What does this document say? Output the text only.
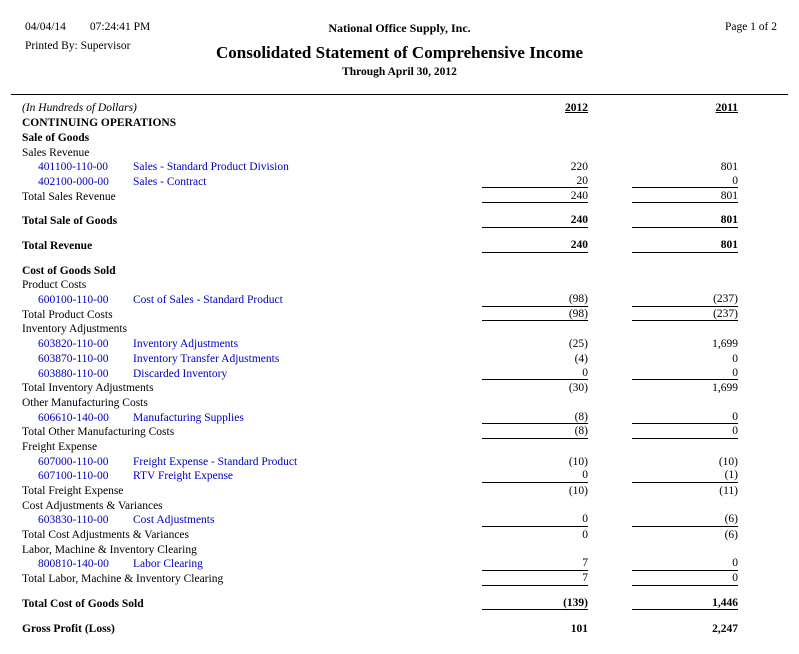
04/04/14 07:24:41 PM
Printed By: Supervisor
Page 1 of 2
National Office Supply, Inc.
Consolidated Statement of Comprehensive Income
Through April 30, 2012
(In Hundreds of Dollars)	2012	2011
CONTINUING OPERATIONS
Sale of Goods
Sales Revenue
401100-110-00	Sales - Standard Product Division	220	801
402100-000-00	Sales - Contract	20	0
Total Sales Revenue	240	801
Total Sale of Goods	240	801
Total Revenue	240	801
Cost of Goods Sold
Product Costs
600100-110-00	Cost of Sales - Standard Product	(98)	(237)
Total Product Costs	(98)	(237)
Inventory Adjustments
603820-110-00	Inventory Adjustments	(25)	1,699
603870-110-00	Inventory Transfer Adjustments	(4)	0
603880-110-00	Discarded Inventory	0	0
Total Inventory Adjustments	(30)	1,699
Other Manufacturing Costs
606610-140-00	Manufacturing Supplies	(8)	0
Total Other Manufacturing Costs	(8)	0
Freight Expense
607000-110-00	Freight Expense - Standard Product	(10)	(10)
607100-110-00	RTV Freight Expense	0	(1)
Total Freight Expense	(10)	(11)
Cost Adjustments & Variances
603830-110-00	Cost Adjustments	0	(6)
Total Cost Adjustments & Variances	0	(6)
Labor, Machine & Inventory Clearing
800810-140-00	Labor Clearing	7	0
Total Labor, Machine & Inventory Clearing	7	0
Total Cost of Goods Sold	(139)	1,446
Gross Profit (Loss)	101	2,247
